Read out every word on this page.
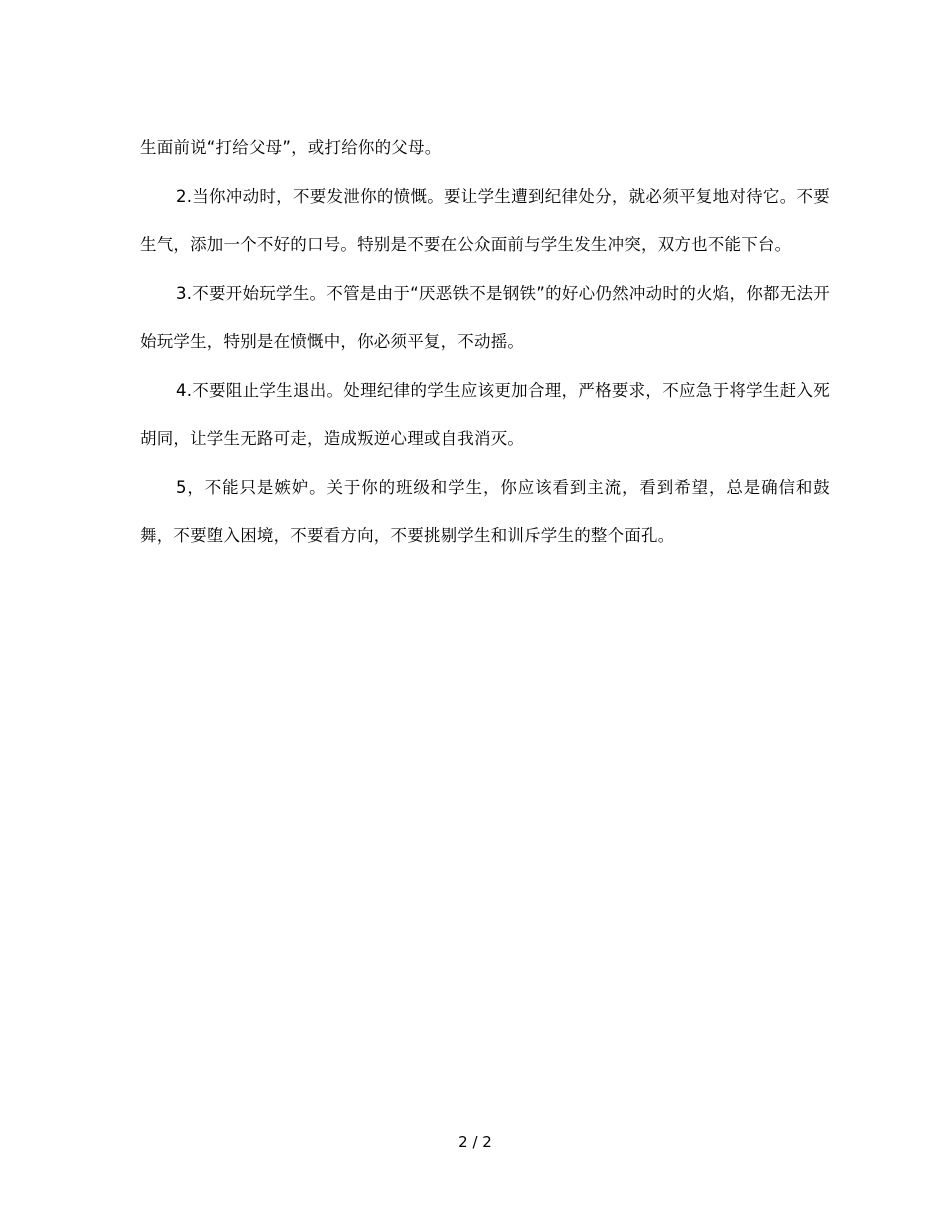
生面前说“打给父母”，或打给你的父母。

2.当你冲动时，不要发泄你的愤慨。要让学生遭到纪律处分，就必须平复地对待它。不要生气，添加一个不好的口号。特别是不要在公众面前与学生发生冲突，双方也不能下台。

3.不要开始玩学生。不管是由于“厌恶铁不是钢铁”的好心仍然冲动时的火焰，你都无法开始玩学生，特别是在愤慨中，你必须平复，不动摇。

4.不要阻止学生退出。处理纪律的学生应该更加合理，严格要求，不应急于将学生赶入死胡同，让学生无路可走，造成叛逆心理或自我消灭。

5，不能只是嫉妒。关于你的班级和学生，你应该看到主流，看到希望，总是确信和鼓舞，不要堕入困境，不要看方向，不要挑剔学生和训斥学生的整个面孔。

2 / 2
